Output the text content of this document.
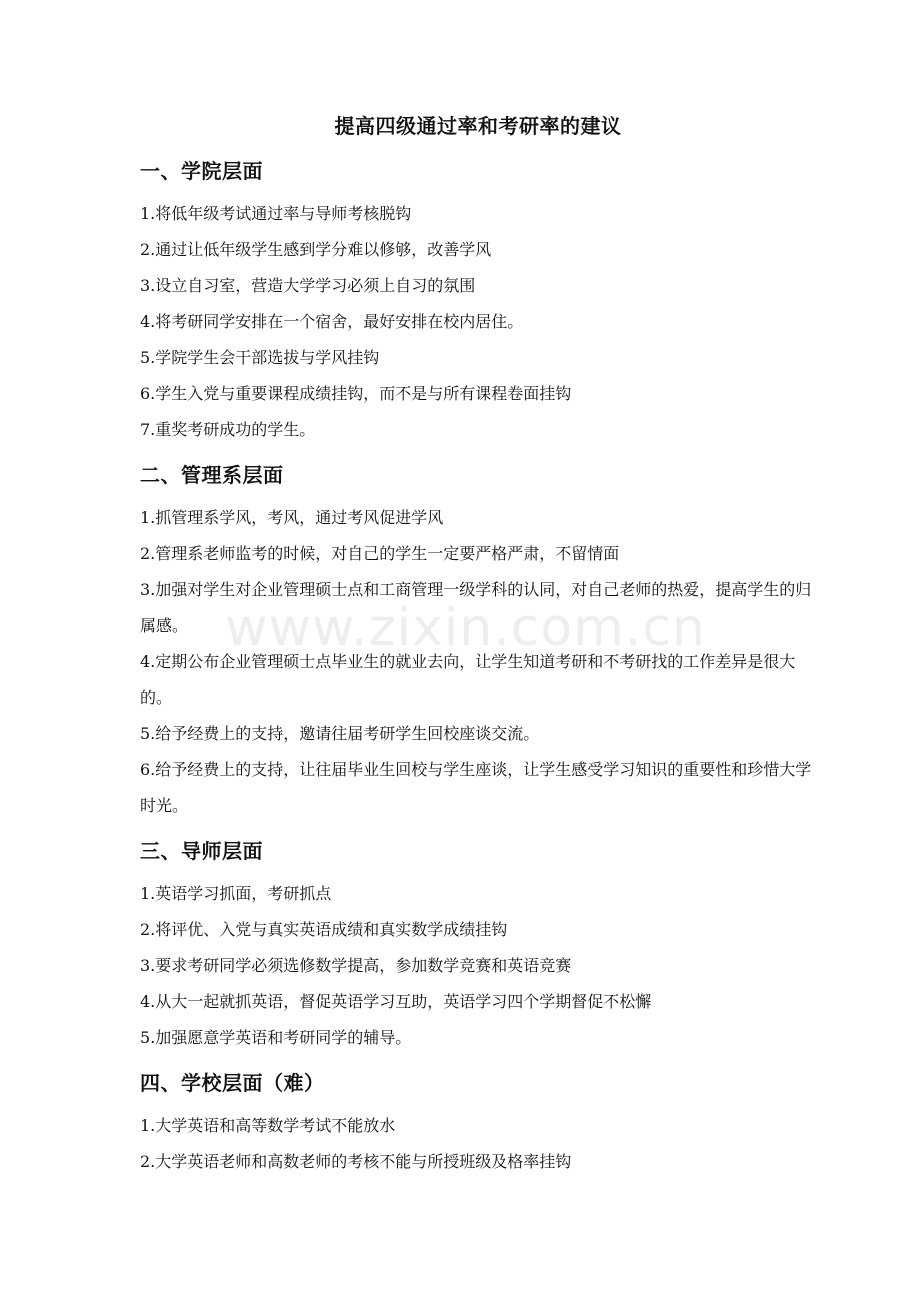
www.zixin.com.cn
提高四级通过率和考研率的建议
一、学院层面

1.将低年级考试通过率与导师考核脱钩

2.通过让低年级学生感到学分难以修够，改善学风

3.设立自习室，营造大学学习必须上自习的氛围

4.将考研同学安排在一个宿舍，最好安排在校内居住。

5.学院学生会干部选拔与学风挂钩

6.学生入党与重要课程成绩挂钩，而不是与所有课程卷面挂钩

7.重奖考研成功的学生。

二、管理系层面

1.抓管理系学风，考风，通过考风促进学风

2.管理系老师监考的时候，对自己的学生一定要严格严肃，不留情面

3.加强对学生对企业管理硕士点和工商管理一级学科的认同，对自己老师的热爱，提高学生的归属感。

4.定期公布企业管理硕士点毕业生的就业去向，让学生知道考研和不考研找的工作差异是很大的。

5.给予经费上的支持，邀请往届考研学生回校座谈交流。

6.给予经费上的支持，让往届毕业生回校与学生座谈，让学生感受学习知识的重要性和珍惜大学时光。

三、导师层面

1.英语学习抓面，考研抓点

2.将评优、入党与真实英语成绩和真实数学成绩挂钩

3.要求考研同学必须选修数学提高，参加数学竞赛和英语竞赛

4.从大一起就抓英语，督促英语学习互助，英语学习四个学期督促不松懈

5.加强愿意学英语和考研同学的辅导。

四、学校层面（难）

1.大学英语和高等数学考试不能放水

2.大学英语老师和高数老师的考核不能与所授班级及格率挂钩
